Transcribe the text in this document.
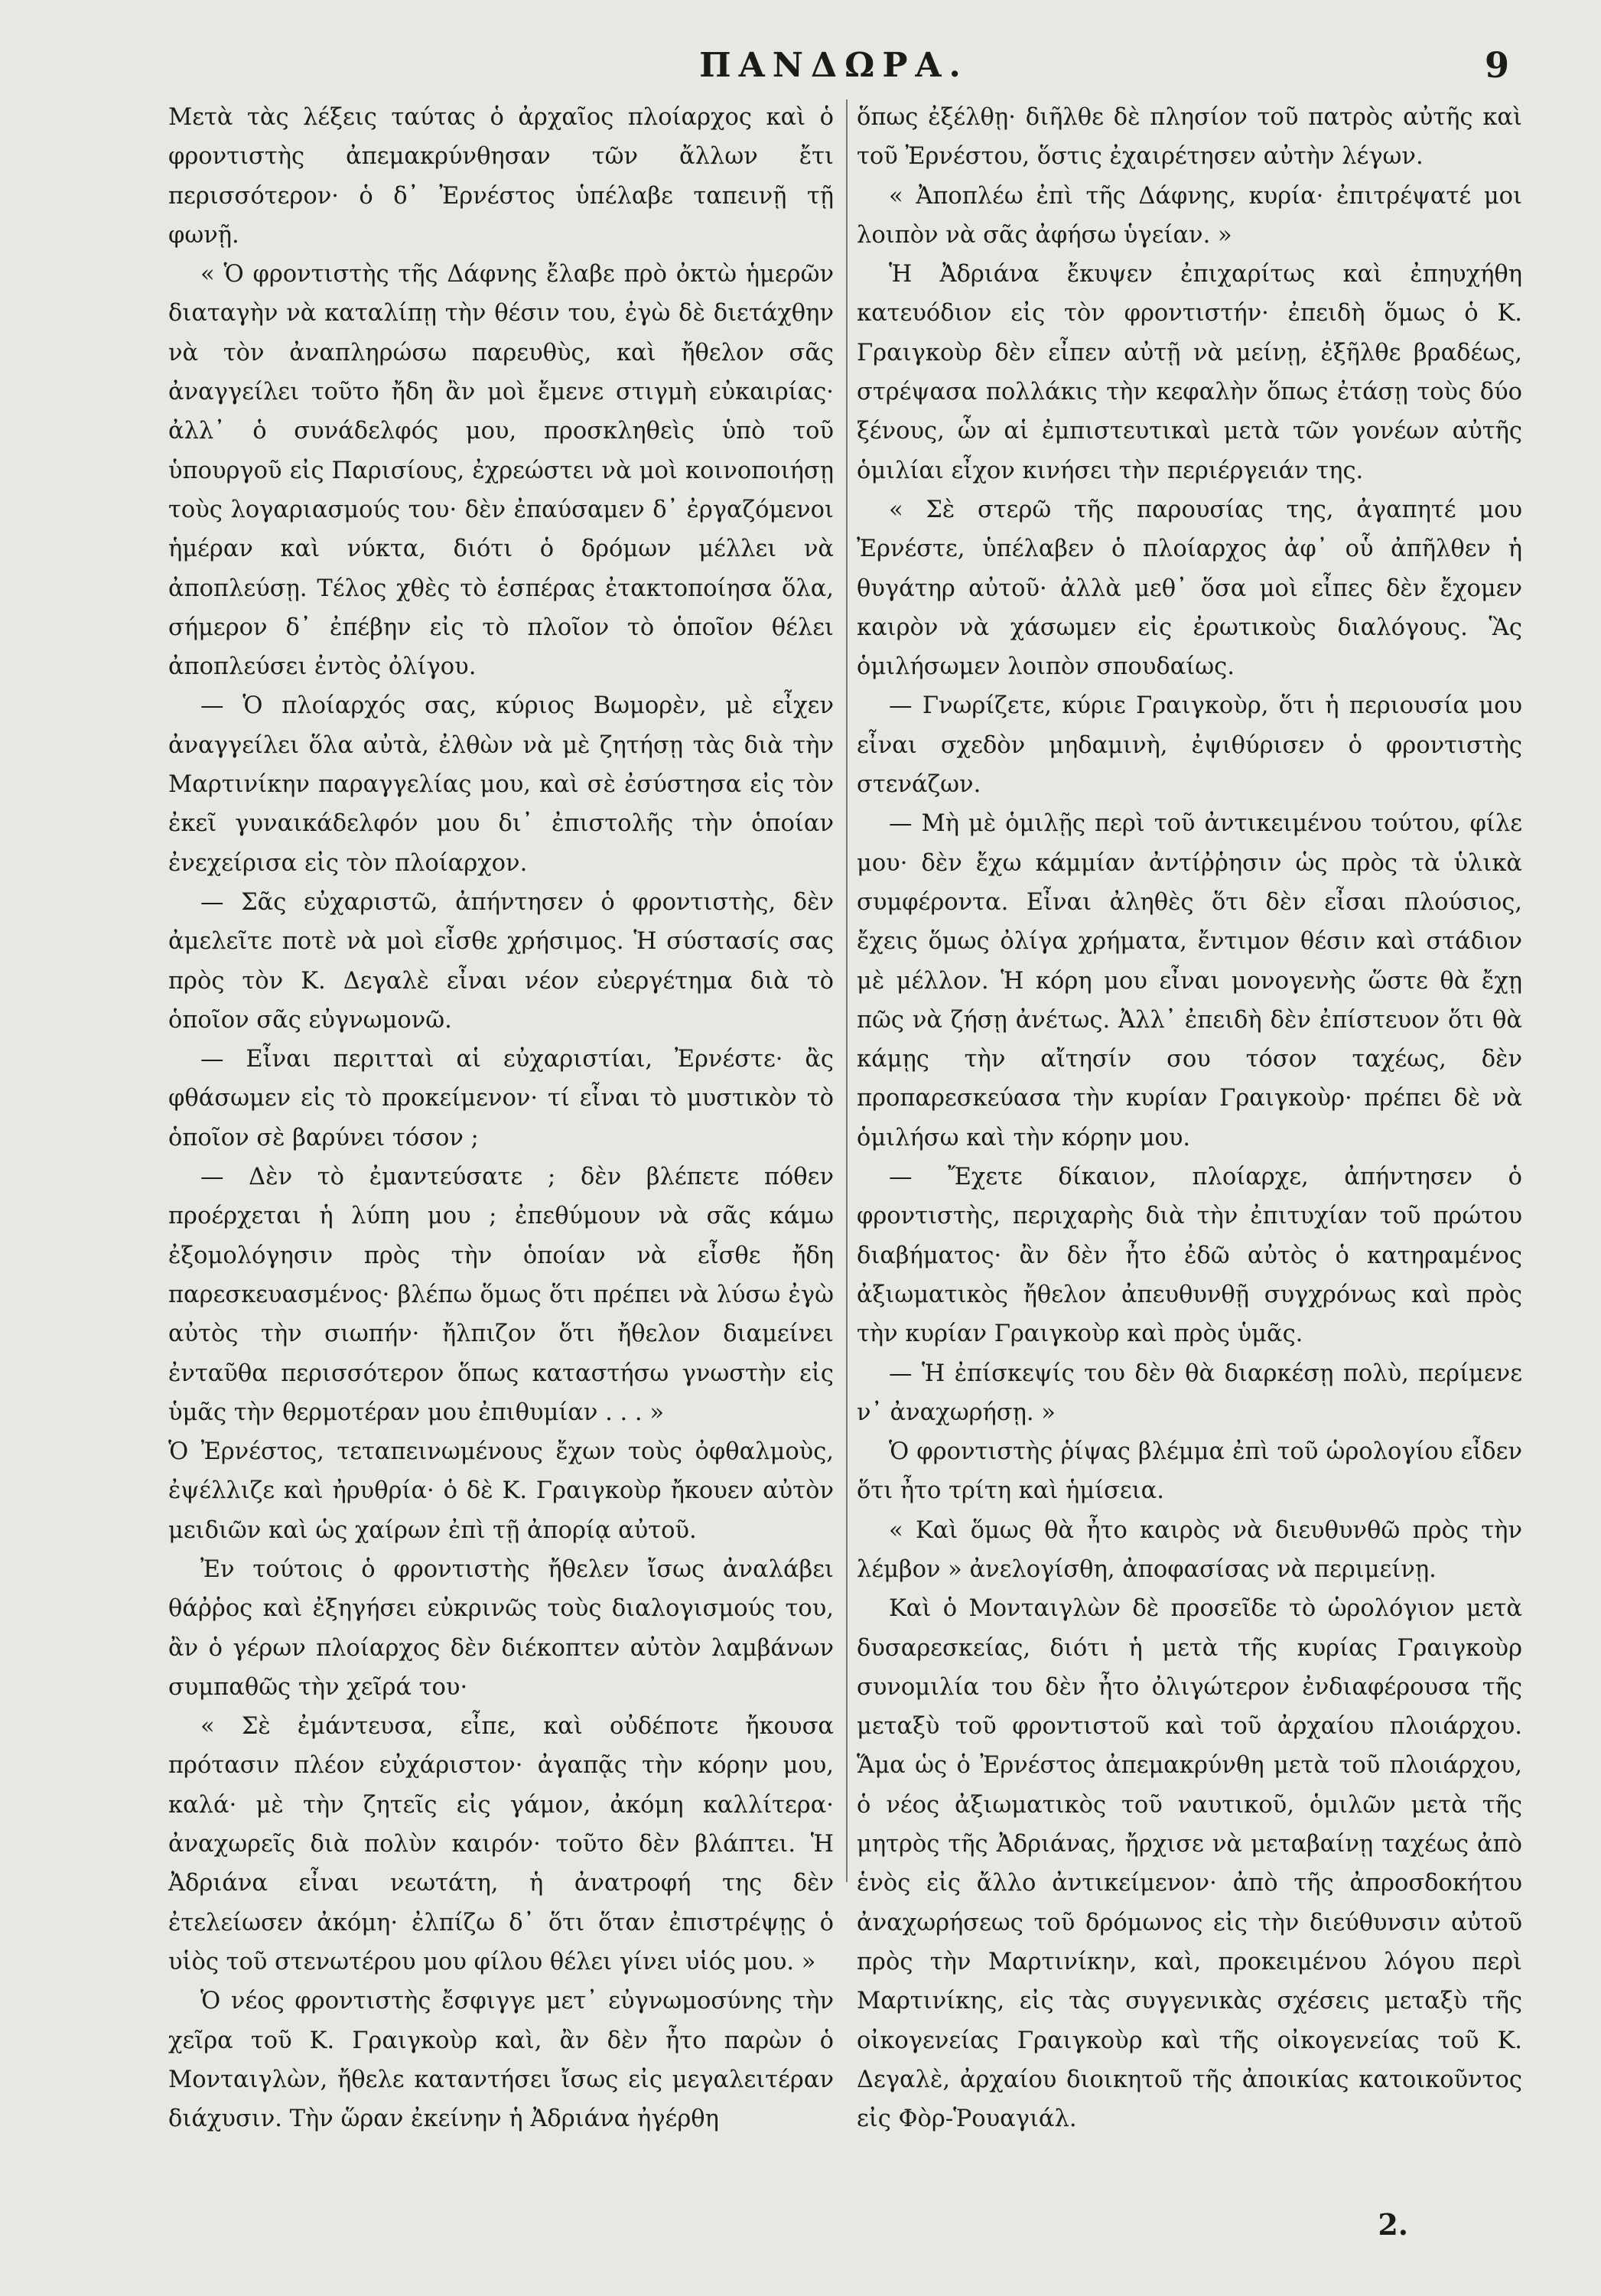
ΠΑΝΔΩΡΑ.	9

Μετὰ τὰς λέξεις ταύτας ὁ ἀρχαῖος πλοίαρχος καὶ ὁ φροντιστὴς ἀπεμακρύνθησαν τῶν ἄλλων ἔτι περισσότερον· ὁ δ᾽ Ἐρνέστος ὑπέλαβε ταπεινῇ τῇ φωνῇ.

« Ὁ φροντιστὴς τῆς Δάφνης ἔλαβε πρὸ ὀκτὼ ἡμερῶν διαταγὴν νὰ καταλίπῃ τὴν θέσιν του, ἐγὼ δὲ διετάχθην νὰ τὸν ἀναπληρώσω παρευθὺς, καὶ ἤθελον σᾶς ἀναγγείλει τοῦτο ἤδη ἂν μοὶ ἔμενε στιγμὴ εὐκαιρίας· ἀλλ᾽ ὁ συνάδελφός μου, προσκληθεὶς ὑπὸ τοῦ ὑπουργοῦ εἰς Παρισίους, ἐχρεώστει νὰ μοὶ κοινοποιήσῃ τοὺς λογαριασμούς του· δὲν ἐπαύσαμεν δ᾽ ἐργαζόμενοι ἡμέραν καὶ νύκτα, διότι ὁ δρόμων μέλλει νὰ ἀποπλεύσῃ. Τέλος χθὲς τὸ ἑσπέρας ἐτακτοποίησα ὅλα, σήμερον δ᾽ ἐπέβην εἰς τὸ πλοῖον τὸ ὁποῖον θέλει ἀποπλεύσει ἐντὸς ὀλίγου.

— Ὁ πλοίαρχός σας, κύριος Βωμορὲν, μὲ εἶχεν ἀναγγείλει ὅλα αὐτὰ, ἐλθὼν νὰ μὲ ζητήσῃ τὰς διὰ τὴν Μαρτινίκην παραγγελίας μου, καὶ σὲ ἐσύστησα εἰς τὸν ἐκεῖ γυναικάδελφόν μου δι᾽ ἐπιστολῆς τὴν ὁποίαν ἐνεχείρισα εἰς τὸν πλοίαρχον.

— Σᾶς εὐχαριστῶ, ἀπήντησεν ὁ φροντιστὴς, δὲν ἀμελεῖτε ποτὲ νὰ μοὶ εἶσθε χρήσιμος. Ἡ σύστασίς σας πρὸς τὸν Κ. Δεγαλὲ εἶναι νέον εὐεργέτημα διὰ τὸ ὁποῖον σᾶς εὐγνωμονῶ.

— Εἶναι περιτταὶ αἱ εὐχαριστίαι, Ἐρνέστε· ἂς φθάσωμεν εἰς τὸ προκείμενον· τί εἶναι τὸ μυστικὸν τὸ ὁποῖον σὲ βαρύνει τόσον ;

— Δὲν τὸ ἐμαντεύσατε ; δὲν βλέπετε πόθεν προέρχεται ἡ λύπη μου ; ἐπεθύμουν νὰ σᾶς κάμω ἐξομολόγησιν πρὸς τὴν ὁποίαν νὰ εἶσθε ἤδη παρεσκευασμένος· βλέπω ὅμως ὅτι πρέπει νὰ λύσω ἐγὼ αὐτὸς τὴν σιωπήν· ἤλπιζον ὅτι ἤθελον διαμείνει ἐνταῦθα περισσότερον ὅπως καταστήσω γνωστὴν εἰς ὑμᾶς τὴν θερμοτέραν μου ἐπιθυμίαν . . . »

Ὁ Ἐρνέστος, τεταπεινωμένους ἔχων τοὺς ὀφθαλμοὺς, ἐψέλλιζε καὶ ἠρυθρία· ὁ δὲ Κ. Γραιγκοὺρ ἤκουεν αὐτὸν μειδιῶν καὶ ὡς χαίρων ἐπὶ τῇ ἀπορίᾳ αὐτοῦ.

Ἐν τούτοις ὁ φροντιστὴς ἤθελεν ἴσως ἀναλάβει θάῤῥος καὶ ἐξηγήσει εὐκρινῶς τοὺς διαλογισμούς του, ἂν ὁ γέρων πλοίαρχος δὲν διέκοπτεν αὐτὸν λαμβάνων συμπαθῶς τὴν χεῖρά του·

« Σὲ ἐμάντευσα, εἶπε, καὶ οὐδέποτε ἤκουσα πρότασιν πλέον εὐχάριστον· ἀγαπᾷς τὴν κόρην μου, καλά· μὲ τὴν ζητεῖς εἰς γάμον, ἀκόμη καλλίτερα· ἀναχωρεῖς διὰ πολὺν καιρόν· τοῦτο δὲν βλάπτει. Ἡ Ἀδριάνα εἶναι νεωτάτη, ἡ ἀνατροφή της δὲν ἐτελείωσεν ἀκόμη· ἐλπίζω δ᾽ ὅτι ὅταν ἐπιστρέψῃς ὁ υἱὸς τοῦ στενωτέρου μου φίλου θέλει γίνει υἱός μου. »

Ὁ νέος φροντιστὴς ἔσφιγγε μετ᾽ εὐγνωμοσύνης τὴν χεῖρα τοῦ Κ. Γραιγκοὺρ καὶ, ἂν δὲν ἦτο παρὼν ὁ Μονταιγλὼν, ἤθελε καταντήσει ἴσως εἰς μεγαλειτέραν διάχυσιν. Τὴν ὥραν ἐκείνην ἡ Ἀδριάνα ἠγέρθη

ὅπως ἐξέλθῃ· διῆλθε δὲ πλησίον τοῦ πατρὸς αὐτῆς καὶ τοῦ Ἐρνέστου, ὅστις ἐχαιρέτησεν αὐτὴν λέγων.

« Ἀποπλέω ἐπὶ τῆς Δάφνης, κυρία· ἐπιτρέψατέ μοι λοιπὸν νὰ σᾶς ἀφήσω ὑγείαν. »

Ἡ Ἀδριάνα ἔκυψεν ἐπιχαρίτως καὶ ἐπηυχήθη κατευόδιον εἰς τὸν φροντιστήν· ἐπειδὴ ὅμως ὁ Κ. Γραιγκοὺρ δὲν εἶπεν αὐτῇ νὰ μείνῃ, ἐξῆλθε βραδέως, στρέψασα πολλάκις τὴν κεφαλὴν ὅπως ἐτάσῃ τοὺς δύο ξένους, ὧν αἱ ἐμπιστευτικαὶ μετὰ τῶν γονέων αὐτῆς ὁμιλίαι εἶχον κινήσει τὴν περιέργειάν της.

« Σὲ στερῶ τῆς παρουσίας της, ἀγαπητέ μου Ἐρνέστε, ὑπέλαβεν ὁ πλοίαρχος ἀφ᾽ οὗ ἀπῆλθεν ἡ θυγάτηρ αὐτοῦ· ἀλλὰ μεθ᾽ ὅσα μοὶ εἶπες δὲν ἔχομεν καιρὸν νὰ χάσωμεν εἰς ἐρωτικοὺς διαλόγους. Ἃς ὁμιλήσωμεν λοιπὸν σπουδαίως.

— Γνωρίζετε, κύριε Γραιγκοὺρ, ὅτι ἡ περιουσία μου εἶναι σχεδὸν μηδαμινὴ, ἐψιθύρισεν ὁ φροντιστὴς στενάζων.

— Μὴ μὲ ὁμιλῇς περὶ τοῦ ἀντικειμένου τούτου, φίλε μου· δὲν ἔχω κάμμίαν ἀντίῤῥησιν ὡς πρὸς τὰ ὑλικὰ συμφέροντα. Εἶναι ἀληθὲς ὅτι δὲν εἶσαι πλούσιος, ἔχεις ὅμως ὀλίγα χρήματα, ἔντιμον θέσιν καὶ στάδιον μὲ μέλλον. Ἡ κόρη μου εἶναι μονογενὴς ὥστε θὰ ἔχῃ πῶς νὰ ζήσῃ ἀνέτως. Ἀλλ᾽ ἐπειδὴ δὲν ἐπίστευον ὅτι θὰ κάμῃς τὴν αἴτησίν σου τόσον ταχέως, δὲν προπαρεσκεύασα τὴν κυρίαν Γραιγκοὺρ· πρέπει δὲ νὰ ὁμιλήσω καὶ τὴν κόρην μου.

— Ἔχετε δίκαιον, πλοίαρχε, ἀπήντησεν ὁ φροντιστὴς, περιχαρὴς διὰ τὴν ἐπιτυχίαν τοῦ πρώτου διαβήματος· ἂν δὲν ἦτο ἐδῶ αὐτὸς ὁ κατηραμένος ἀξιωματικὸς ἤθελον ἀπευθυνθῇ συγχρόνως καὶ πρὸς τὴν κυρίαν Γραιγκοὺρ καὶ πρὸς ὑμᾶς.

— Ἡ ἐπίσκεψίς του δὲν θὰ διαρκέσῃ πολὺ, περίμενε ν᾽ ἀναχωρήσῃ. »

Ὁ φροντιστὴς ῥίψας βλέμμα ἐπὶ τοῦ ὡρολογίου εἶδεν ὅτι ἦτο τρίτη καὶ ἡμίσεια.

« Καὶ ὅμως θὰ ἦτο καιρὸς νὰ διευθυνθῶ πρὸς τὴν λέμβον » ἀνελογίσθη, ἀποφασίσας νὰ περιμείνῃ.

Καὶ ὁ Μονταιγλὼν δὲ προσεῖδε τὸ ὡρολόγιον μετὰ δυσαρεσκείας, διότι ἡ μετὰ τῆς κυρίας Γραιγκοὺρ συνομιλία του δὲν ἦτο ὀλιγώτερον ἐνδιαφέρουσα τῆς μεταξὺ τοῦ φροντιστοῦ καὶ τοῦ ἀρχαίου πλοιάρχου. Ἅμα ὡς ὁ Ἐρνέστος ἀπεμακρύνθη μετὰ τοῦ πλοιάρχου, ὁ νέος ἀξιωματικὸς τοῦ ναυτικοῦ, ὁμιλῶν μετὰ τῆς μητρὸς τῆς Ἀδριάνας, ἤρχισε νὰ μεταβαίνῃ ταχέως ἀπὸ ἑνὸς εἰς ἄλλο ἀντικείμενον· ἀπὸ τῆς ἀπροσδοκήτου ἀναχωρήσεως τοῦ δρόμωνος εἰς τὴν διεύθυνσιν αὐτοῦ πρὸς τὴν Μαρτινίκην, καὶ, προκειμένου λόγου περὶ Μαρτινίκης, εἰς τὰς συγγενικὰς σχέσεις μεταξὺ τῆς οἰκογενείας Γραιγκοὺρ καὶ τῆς οἰκογενείας τοῦ Κ. Δεγαλὲ, ἀρχαίου διοικητοῦ τῆς ἀποικίας κατοικοῦντος εἰς Φὸρ-Ῥουαγιάλ.

2.
